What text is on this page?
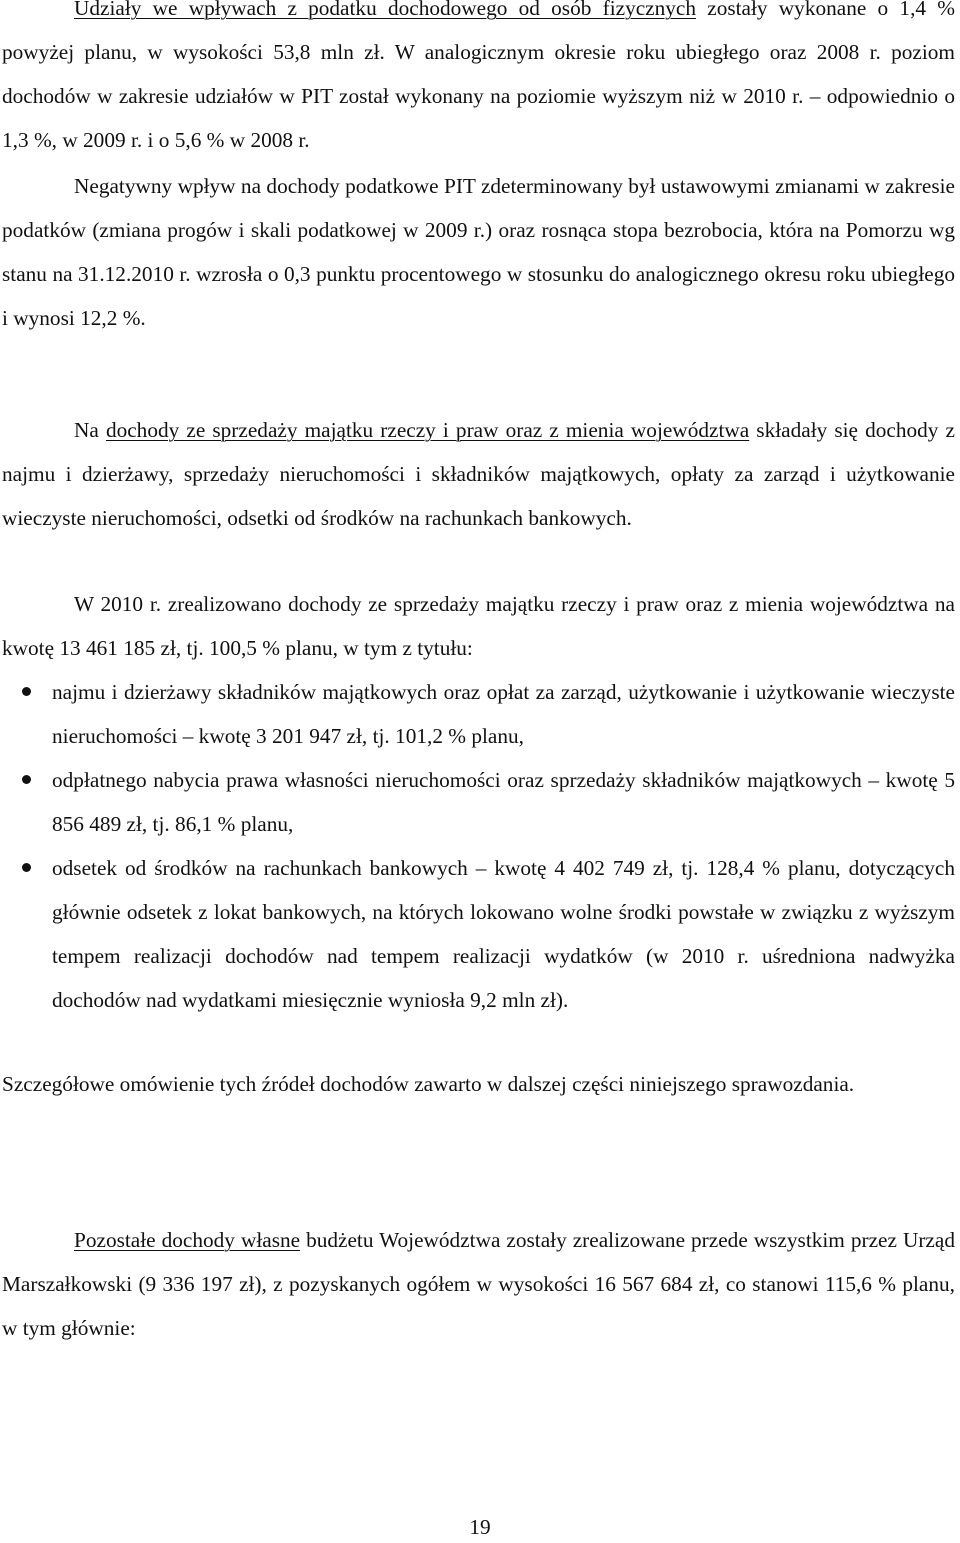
Udziały we wpływach z podatku dochodowego od osób fizycznych zostały wykonane o 1,4 % powyżej planu, w wysokości 53,8 mln zł. W analogicznym okresie roku ubiegłego oraz 2008 r. poziom dochodów w zakresie udziałów w PIT został wykonany na poziomie wyższym niż w 2010 r. – odpowiednio o 1,3 %, w 2009 r. i o 5,6 % w 2008 r.

Negatywny wpływ na dochody podatkowe PIT zdeterminowany był ustawowymi zmianami w zakresie podatków (zmiana progów i skali podatkowej w 2009 r.) oraz rosnąca stopa bezrobocia, która na Pomorzu wg stanu na 31.12.2010 r. wzrosła o 0,3 punktu procentowego w stosunku do analogicznego okresu roku ubiegłego i wynosi 12,2 %.

Na dochody ze sprzedaży majątku rzeczy i praw oraz z mienia województwa składały się dochody z najmu i dzierżawy, sprzedaży nieruchomości i składników majątkowych, opłaty za zarząd i użytkowanie wieczyste nieruchomości, odsetki od środków na rachunkach bankowych.

W 2010 r. zrealizowano dochody ze sprzedaży majątku rzeczy i praw oraz z mienia województwa na kwotę 13 461 185 zł, tj. 100,5 % planu, w tym z tytułu:

najmu i dzierżawy składników majątkowych oraz opłat za zarząd, użytkowanie i użytkowanie wieczyste nieruchomości – kwotę 3 201 947 zł, tj. 101,2 % planu,
odpłatnego nabycia prawa własności nieruchomości oraz sprzedaży składników majątkowych – kwotę 5 856 489 zł, tj. 86,1 % planu,
odsetek od środków na rachunkach bankowych – kwotę 4 402 749 zł, tj. 128,4 % planu, dotyczących głównie odsetek z lokat bankowych, na których lokowano wolne środki powstałe w związku z wyższym tempem realizacji dochodów nad tempem realizacji wydatków (w 2010 r. uśredniona nadwyżka dochodów nad wydatkami miesięcznie wyniosła 9,2 mln zł).

Szczegółowe omówienie tych źródeł dochodów zawarto w dalszej części niniejszego sprawozdania.

Pozostałe dochody własne budżetu Województwa zostały zrealizowane przede wszystkim przez Urząd Marszałkowski (9 336 197 zł), z pozyskanych ogółem w wysokości 16 567 684 zł, co stanowi 115,6 % planu, w tym głównie:

19
